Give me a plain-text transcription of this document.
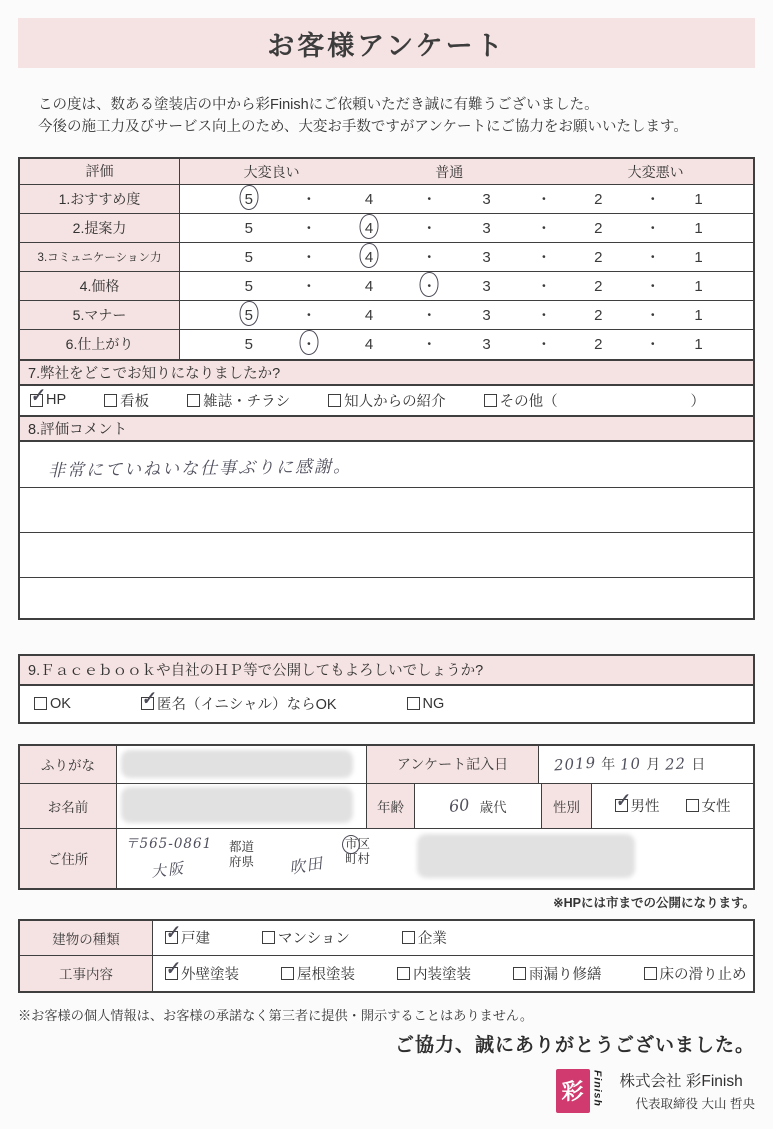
お客様アンケート
この度は、数ある塗装店の中から彩Finishにご依頼いただき誠に有難うございました。
今後の施工力及びサービス向上のため、大変お手数ですがアンケートにご協力をお願いいたします。
評価	大変良い	普通	大変悪い
1.おすすめ度	5	・	4	・	3	・	2	・ 1
2.提案力	5	・	4	・	3	・	2	・ 1
3.コミュニケーション力	5	・	4	・	3	・	2	・ 1
4.価格	5	・	4	・	3	・	2	・ 1
5.マナー	5	・	4	・	3	・	2	・ 1
6.仕上がり	5	・	4	・	3	・	2	・ 1
7.弊社をどこでお知りになりましたか?
✓ HP	看板	雑誌・チラシ	知人からの紹介	その他（	）
8.評価コメント
非常にていねいな仕事ぶりに感謝。
9.Ｆａｃｅｂｏｏｋや自社のＨＰ等で公開してもよろしいでしょうか?
OK	✓ 匿名（イニシャル）ならOK	NG
ふりがな	アンケート記入日	2019 年 10 月 22 日
お名前	年齢	60 歳代	性別	✓ 男性	女性
ご住所
〒565-0861
大阪
都道
府県 吹田
市区
町村
※HPには市までの公開になります。
建物の種類	✓ 戸建	マンション	企業
工事内容	✓ 外壁塗装	屋根塗装	内装塗装	雨漏り修繕	床の滑り止め
※お客様の個人情報は、お客様の承諾なく第三者に提供・開示することはありません。
ご協力、誠にありがとうございました。
彩 Finish 株式会社 彩Finish
代表取締役 大山 哲央
